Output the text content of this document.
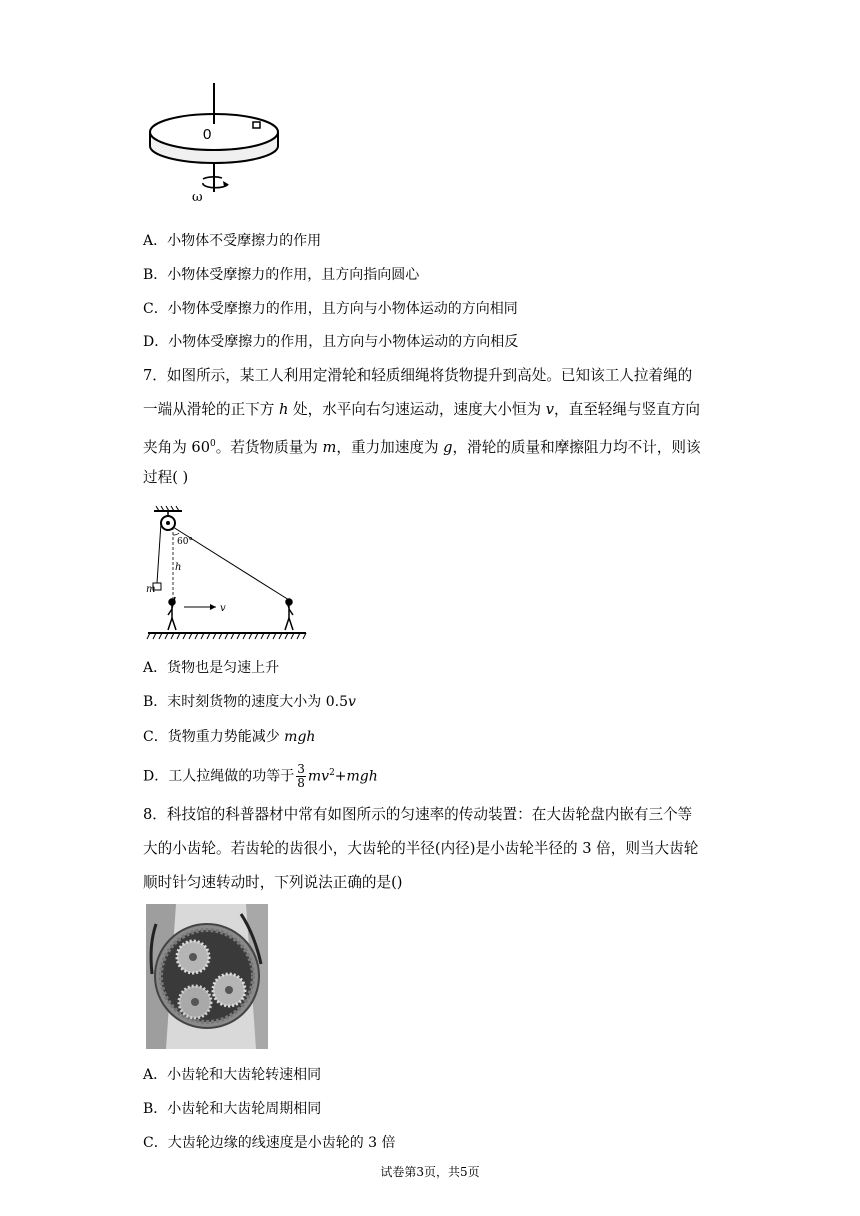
0
ω
A．小物体不受摩擦力的作用
B．小物体受摩擦力的作用，且方向指向圆心
C．小物体受摩擦力的作用，且方向与小物体运动的方向相同
D．小物体受摩擦力的作用，且方向与小物体运动的方向相反
7．如图所示，某工人利用定滑轮和轻质细绳将货物提升到高处。已知该工人拉着绳的
一端从滑轮的正下方 h 处，水平向右匀速运动，速度大小恒为 v，直至轻绳与竖直方向
夹角为 $60^0$。若货物质量为 m，重力加速度为 g，滑轮的质量和摩擦阻力均不计，则该
过程( )
m
h
60°
v
A．货物也是匀速上升
B．末时刻货物的速度大小为 0.5v
C．货物重力势能减少 mgh
D．工人拉绳做的功等于 $\frac{3}{8} mv^2+mgh$
8．科技馆的科普器材中常有如图所示的匀速率的传动装置：在大齿轮盘内嵌有三个等
大的小齿轮。若齿轮的齿很小，大齿轮的半径(内径)是小齿轮半径的 3 倍，则当大齿轮
顺时针匀速转动时，下列说法正确的是()
A．小齿轮和大齿轮转速相同
B．小齿轮和大齿轮周期相同
C．大齿轮边缘的线速度是小齿轮的 3 倍
试卷第3页，共5页
